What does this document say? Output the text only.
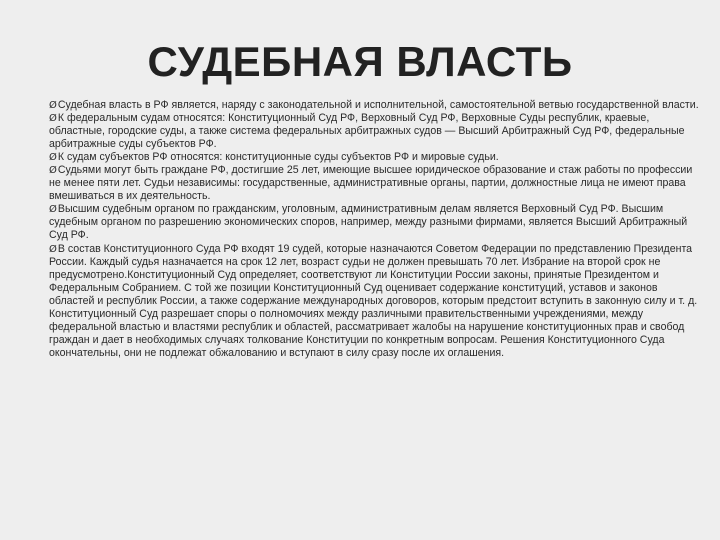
СУДЕБНАЯ ВЛАСТЬ
ØСудебная власть в РФ является, наряду с законодательной и исполнительной, самостоятельной ветвью государственной власти.
ØК федеральным судам относятся: Конституционный Суд РФ, Верховный Суд РФ, Верховные Суды республик, краевые, областные, городские суды, а также система федеральных арбитражных судов — Высший Арбитражный Суд РФ, федеральные арбитражные суды субъектов РФ.
ØК судам субъектов РФ относятся: конституционные суды субъектов РФ и мировые судьи.
ØСудьями могут быть граждане РФ, достигшие 25 лет, имеющие высшее юридическое образование и стаж работы по профессии не менее пяти лет. Судьи независимы: государственные, административные органы, партии, должностные лица не имеют права вмешиваться в их деятельность.
ØВысшим судебным органом по гражданским, уголовным, административным делам является Верховный Суд РФ. Высшим судебным органом по разрешению экономических споров, например, между разными фирмами, является Высший Арбитражный Суд РФ.
ØВ состав Конституционного Суда РФ входят 19 судей, которые назначаются Советом Федерации по представлению Президента России. Каждый судья назначается на срок 12 лет, возраст судьи не должен превышать 70 лет. Избрание на второй срок не предусмотрено.Конституционный Суд определяет, соответствуют ли Конституции России законы, принятые Президентом и Федеральным Собранием. С той же позиции Конституционный Суд оценивает содержание конституций, уставов и законов областей и республик России, а также содержание международных договоров, которым предстоит вступить в законную силу и т. д. Конституционный Суд разрешает споры о полномочиях между различными правительственными учреждениями, между федеральной властью и властями республик и областей, рассматривает жалобы на нарушение конституционных прав и свобод граждан и дает в необходимых случаях толкование Конституции по конкретным вопросам. Решения Конституционного Суда окончательны, они не подлежат обжалованию и вступают в силу сразу после их оглашения.
